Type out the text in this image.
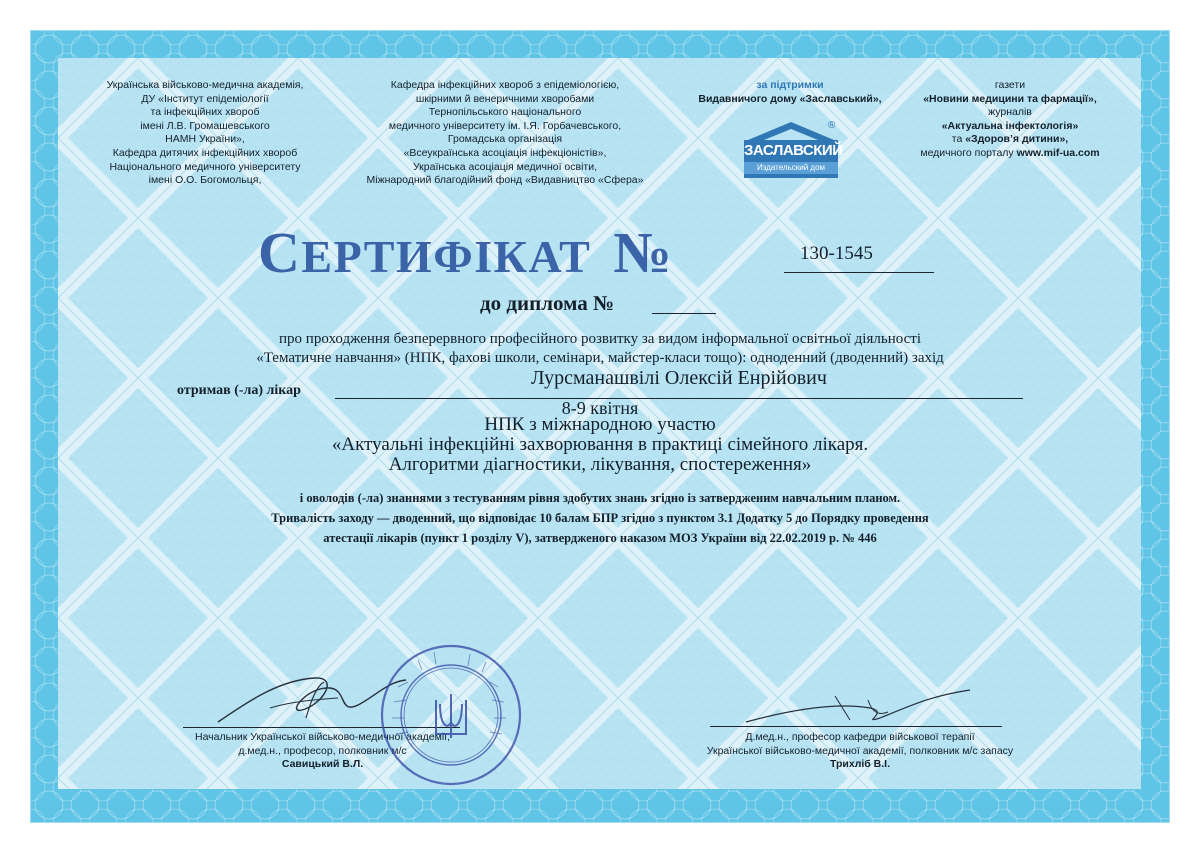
Українська військово-медична академія,
ДУ «Інститут епідеміології
та інфекційних хвороб
імені Л.В. Громашевського
НАМН України»,
Кафедра дитячих інфекційних хвороб
Національного медичного університету
імені О.О. Богомольця,
Кафедра інфекційних хвороб з епідеміологією,
шкірними й венеричними хворобами
Тернопільського національного
медичного університету ім. І.Я. Горбачевського,
Громадська організація
«Всеукраїнська асоціація інфекціоністів»,
Українська асоціація медичної освіти,
Міжнародний благодійний фонд «Видавництво «Сфера»
за підтримки
Видавничого дому «Заславський»,
ЗАСЛАВСКИЙ
Издательский дом
®
газети
«Новини медицини та фармації»,
журналів
«Актуальна інфектологія»
та «Здоров’я дитини»,
медичного порталу www.mif-ua.com
СЕРТИФІКАТ №	130-1545
до диплома №
про проходження безперервного професійного розвитку за видом інформальної освітньої діяльності
«Тематичне навчання» (НПК, фахові школи, семінари, майстер-класи тощо): одноденний (дводенний) захід
отримав (-ла) лікар
Лурсманашвілі Олексій Енрійович
8-9 квітня
НПК з міжнародною участю
«Актуальні інфекційні захворювання в практиці сімейного лікаря.
Алгоритми діагностики, лікування, спостереження»
і оволодів (-ла) знаннями з тестуванням рівня здобутих знань згідно із затвердженим навчальним планом.
Тривалість заходу — дводенний, що відповідає 10 балам БПР згідно з пунктом 3.1 Додатку 5 до Порядку проведення
атестації лікарів (пункт 1 розділу V), затвердженого наказом МОЗ України від 22.02.2019 р. № 446
Начальник Української військово-медичної академії,
д.мед.н., професор, полковник м/с
Савицький В.Л.
Д.мед.н., професор кафедри військової терапії
Української військово-медичної академії, полковник м/с запасу
Трихліб В.І.
